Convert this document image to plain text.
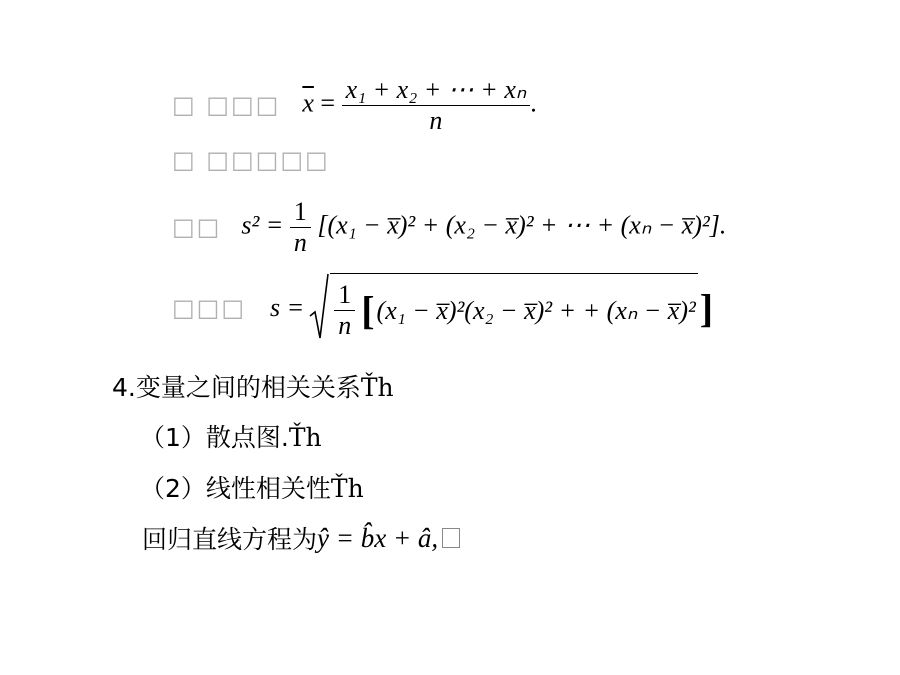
□ □□□ $\overline{x} = \frac{\text{x₁ + x₂ + ⋯ + xₙ}}{n}$ .
□ □□□□□
□□ $s^2 = \frac{1}{n} [(x_1$ − x̅)² + (x₂ − x̅)² + ⋯ + (xₙ − x̅)²].
□□□ $s = \frac{1}{n}$ [ (x₁ − x̅)²(x₂ − x̅)² + + (xₙ − x̅)² ]
4.变量之间的相关关系Ťh
（1）散点图.Ťh
（2）线性相关性Ťh
回归直线方程为 ŷ = b̂x + â,
